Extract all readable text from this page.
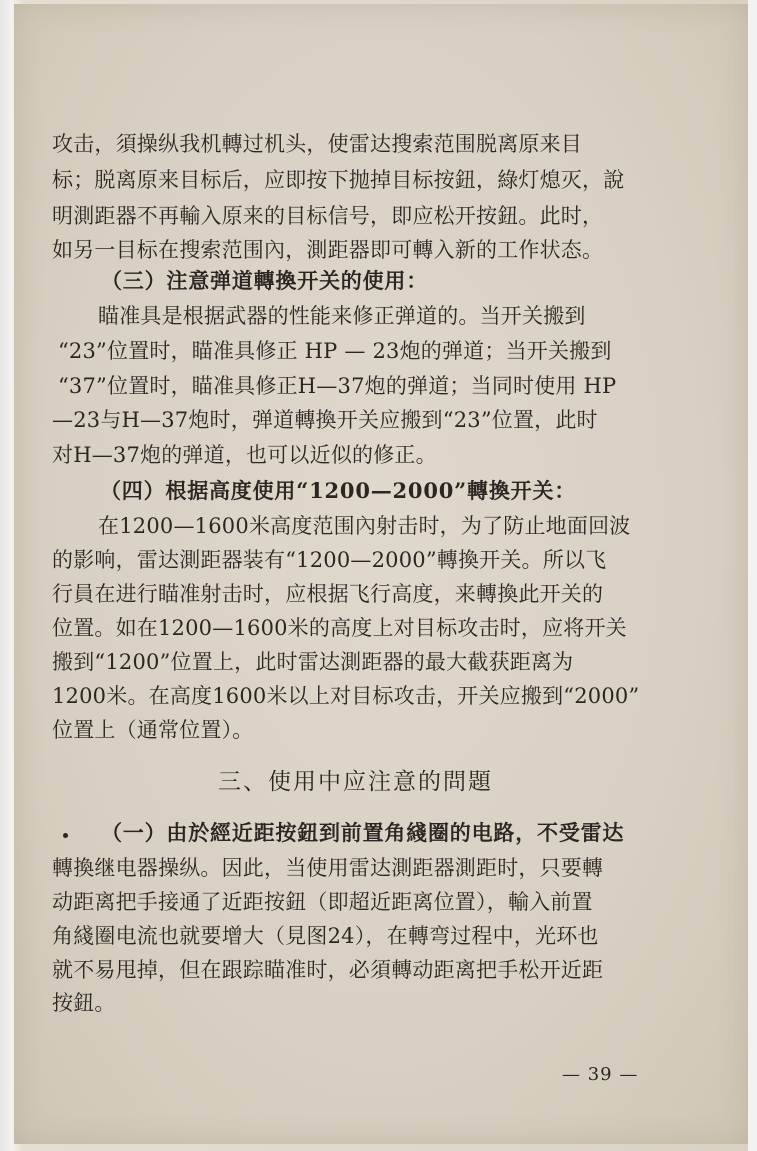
攻击，須操纵我机轉过机头，使雷达搜索范围脱离原来目
标；脱离原来目标后，应即按下抛掉目标按鈕，綠灯熄灭，說
明測距器不再輸入原来的目标信号，即应松开按鈕。此时，
如另一目标在搜索范围內，測距器即可轉入新的工作状态。
（三）注意弹道轉換开关的使用：
瞄准具是根据武器的性能来修正弹道的。当开关搬到
“23”位置时，瞄准具修正 HP — 23炮的弹道；当开关搬到
“37”位置时，瞄准具修正H—37炮的弹道；当同时使用 HP
—23与H—37炮时，弹道轉換开关应搬到“23”位置，此时
对H—37炮的弹道，也可以近似的修正。
（四）根据高度使用“1200—2000”轉換开关：
在1200—1600米高度范围內射击时，为了防止地面回波
的影响，雷达測距器装有“1200—2000”轉換开关。所以飞
行員在进行瞄准射击时，应根据飞行高度，来轉換此开关的
位置。如在1200—1600米的高度上对目标攻击时，应将开关
搬到“1200”位置上，此时雷达測距器的最大截获距离为
1200米。在高度1600米以上对目标攻击，开关应搬到“2000”
位置上（通常位置）。
三、使用中应注意的問題
（一）由於經近距按鈕到前置角綫圈的电路，不受雷达
轉換继电器操纵。因此，当使用雷达測距器測距时，只要轉
动距离把手接通了近距按鈕（即超近距离位置），輸入前置
角綫圈电流也就要增大（見图24），在轉弯过程中，光环也
就不易甩掉，但在跟踪瞄准时，必須轉动距离把手松开近距
按鈕。
— 39 —
